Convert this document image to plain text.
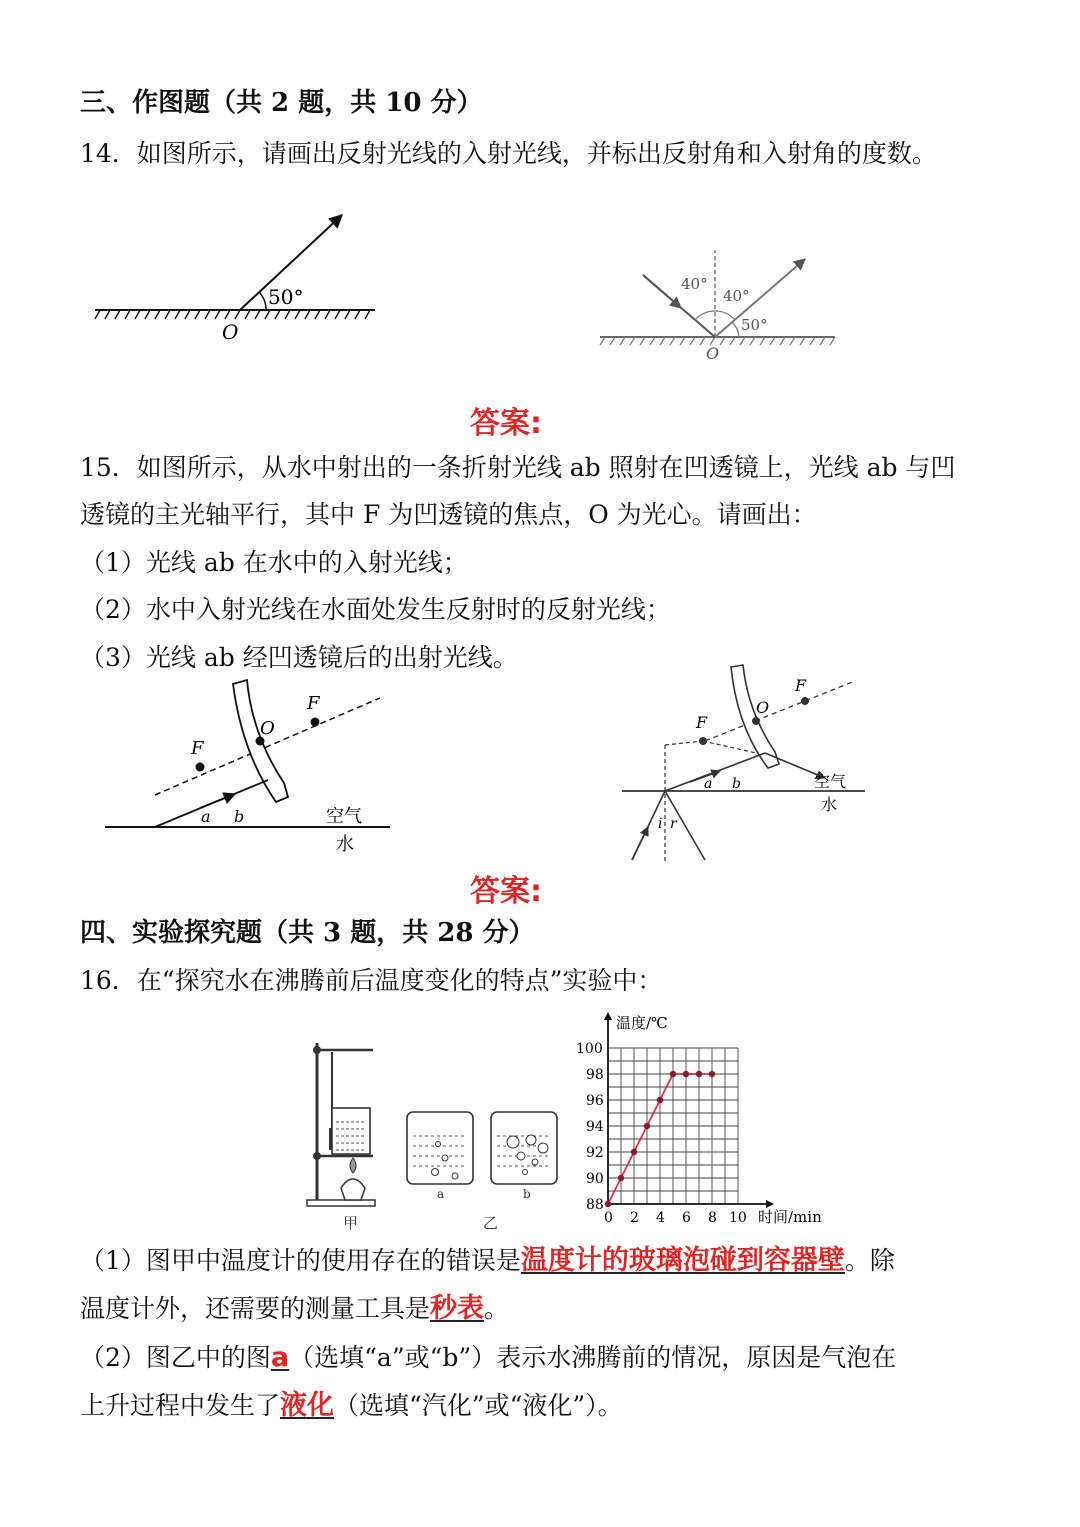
三、作图题（共 2 题，共 10 分）
14．如图所示，请画出反射光线的入射光线，并标出反射角和入射角的度数。
50°
O
40°
40°
50°
O
答案:
15．如图所示，从水中射出的一条折射光线 ab 照射在凹透镜上，光线 ab 与凹
透镜的主光轴平行，其中 F 为凹透镜的焦点，O 为光心。请画出：
（1）光线 ab 在水中的入射光线；
（2）水中入射光线在水面处发生反射时的反射光线；
（3）光线 ab 经凹透镜后的出射光线。
F
F
O
a b	空气
水
F
F
O
a b	空气
水
i r
答案:
四、实验探究题（共 3 题，共 28 分）
16．在“探究水在沸腾前后温度变化的特点”实验中：
甲
a	b
乙	0 2 4 6 8 10
88
90
92
94
96
98
100
温度/℃
时间/min
（1）图甲中温度计的使用存在的错误是温度计的玻璃泡碰到容器壁。除
温度计外，还需要的测量工具是秒表。
（2）图乙中的图a（选填“a”或“b”）表示水沸腾前的情况，原因是气泡在
上升过程中发生了液化（选填“汽化”或“液化”）。
